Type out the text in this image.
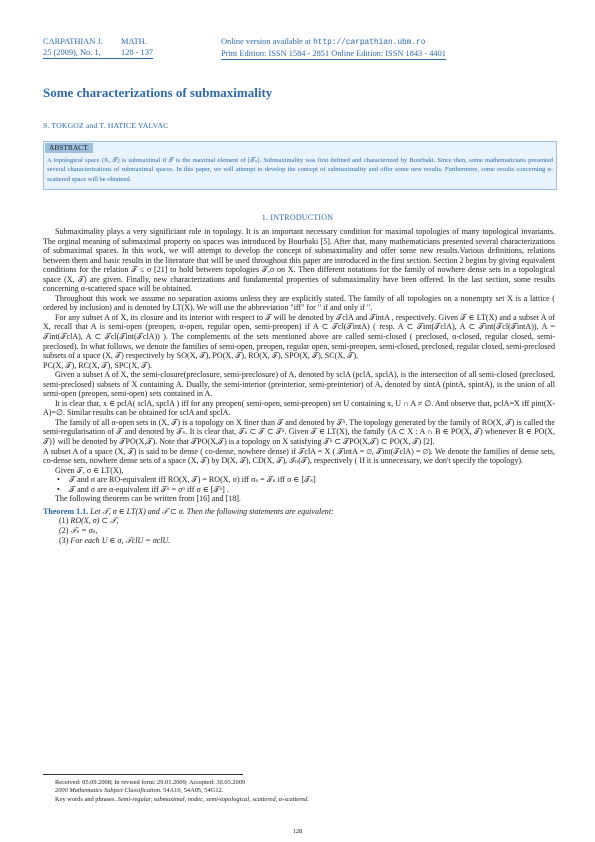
CARPATHIAN J.	MATH.
25 (2009), No. 1,	128 - 137
Online version available at http://carpathian.ubm.ro
Print Edition: ISSN 1584 - 2851 Online Edition: ISSN 1843 - 4401
Some characterizations of submaximality
S. TOKGOZ and T. HATICE YALVAC
ABSTRACT.
A topological space (X, 𝒯) is submaximal if 𝒯 is the maximal element of [𝒯ₛ]. Submaximality was first defined and characterized by Bourbaki. Since then, some mathematicians presented several characterizations of submaximal spaces. In this paper, we will attempt to develop the concept of submaximality and offer some new results. Furthermore, some results concerning α-scattered space will be obtained.
1. INTRODUCTION

Submaximality plays a very significiant role in topology. It is an important necessary condition for maximal topologies of many topological invariants. The orginal meaning of submaximal property on spaces was introduced by Bourbaki [5]. After that, many mathematicians presented several characterizations of submaximal spaces. In this work, we will attempt to develop the concept of submaximality and offer some new results.Various definitions, relations between them and basic results in the literature that will be used throughout this paper are introduced in the first section. Section 2 begins by giving equivalent conditions for the relation 𝒯 ≤ σ [21] to hold between topologies 𝒯,σ on X. Then different notations for the family of nowhere dense sets in a topological space (X, 𝒯) are given. Finally, new characterizations and fundamental properties of submaximality have been offered. In the last section, some results concerning α-scattered space will be obtained.

Throughout this work we assume no separation axioms unless they are explicitly stated. The family of all topologies on a nonempty set X is a lattice ( ordered by inclusion) and is denoted by LT(X). We will use the abbreviation "iff" for " if and only if ".

For any subset A of X, its closure and its interior with respect to 𝒯 will be denoted by 𝒯clA and 𝒯intA , respectively. Given 𝒯 ∈ LT(X) and a subset A of X, recall that A is semi-open (preopen, α-open, regular open, semi-preopen) if A ⊂ 𝒯cl(𝒯intA) ( resp. A ⊂ 𝒯int(𝒯clA), A ⊂ 𝒯int(𝒯cl(𝒯intA)), A = 𝒯int(𝒯clA), A ⊂ 𝒯cl(𝒯int(𝒯clA)) ). The complements of the sets mentioned above are called semi-closed ( preclosed, α-closed, regular closed, semi-preclosed). In what follows, we denote the families of semi-open, preopen, regular open, semi-preopen, semi-closed, preclosed, regular closed, semi-preclosed subsets of a space (X, 𝒯) respectively by SO(X, 𝒯), PO(X, 𝒯), RO(X, 𝒯), SPO(X, 𝒯), SC(X, 𝒯),

PC(X, 𝒯), RC(X, 𝒯), SPC(X, 𝒯).

Given a subset A of X, the semi-closure(preclosure, semi-preclosure) of A, denoted by sclA (pclA, spclA), is the intersection of all semi-closed (preclosed, semi-preclosed) subsets of X containing A. Dually, the semi-interior (preinterior, semi-preinterior) of A, denoted by sintA (pintA, spintA), is the union of all semi-open (preopen, semi-open) sets contained in A.

It is clear that, x ∈ pclA( sclA, spclA ) iff for any preopen( semi-open, semi-preopen) set U containing x, U ∩ A ≠ ∅. And observe that, pclA=X iff pint(X-A)=∅. Similar results can be obtained for sclA and spclA.

The family of all α-open sets in (X, 𝒯) is a topology on X finer than 𝒯 and denoted by 𝒯ᵅ. The topology generated by the family of RO(X, 𝒯) is called the semi-regularisation of 𝒯 and denoted by 𝒯ₛ. It is clear that, 𝒯ₛ ⊂ 𝒯 ⊂ 𝒯ᵅ. Given 𝒯 ∈ LT(X), the family {A ⊂ X : A ∩ B ∈ PO(X, 𝒯) whenever B ∈ PO(X, 𝒯)} will be denoted by 𝒯PO(X,𝒯). Note that 𝒯PO(X,𝒯) is a topology on X satisfying 𝒯ᵅ ⊂ 𝒯PO(X,𝒯) ⊂ PO(X, 𝒯) [2].

A subset A of a space (X, 𝒯) is said to be dense ( co-dense, nowhere dense) if 𝒯clA = X ( 𝒯intA = ∅, 𝒯int(𝒯clA) = ∅). We denote the families of dense sets, co-dense sets, nowhere dense sets of a space (X, 𝒯) by D(X, 𝒯), CD(X, 𝒯), ℐₙ(𝒯), respectively ( If it is unnecessary, we don't specify the topology).

Given 𝒯, σ ∈ LT(X),

• 𝒯 and σ are RO-equivalent iff RO(X, 𝒯) = RO(X, σ) iff σₛ = 𝒯ₛ iff σ ∈ [𝒯ₛ]

• 𝒯 and σ are α-equivalent iff 𝒯ᵅ = σᵅ iff σ ∈ [𝒯ᵅ] .

The following theorem can be written from [16] and [18].

Theorem 1.1. Let 𝒯, σ ∈ LT(X) and 𝒯 ⊂ σ. Then the following statements are equivalent:

(1) RO(X, σ) ⊂ 𝒯,

(2) 𝒯ₛ = σₛ,

(3) For each U ∈ σ, 𝒯clU = σclU.

Received: 05.09.2008; In revised form: 29.01.2009; Accepted: 30.03.2009
2000 Mathematics Subject Classification. 54A10, 54A05, 54G12.
Key words and phrases. Semi-regular, submaximal, nodec, semi-topological, scattered, α-scattered.
128
